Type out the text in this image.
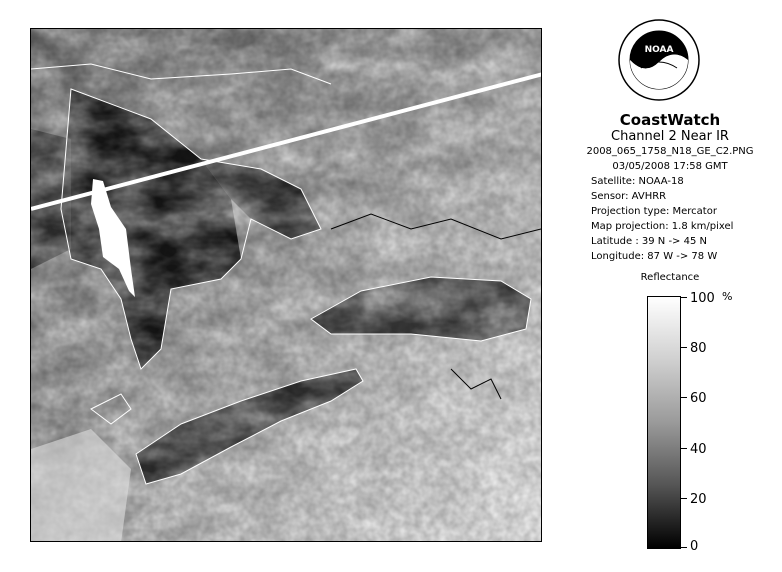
NOAA
CoastWatch
Channel 2 Near IR
2008_065_1758_N18_GE_C2.PNG
03/05/2008 17:58 GMT
Satellite: NOAA-18
Sensor: AVHRR
Projection type: Mercator
Map projection: 1.8 km/pixel
Latitude : 39 N -> 45 N
Longitude: 87 W -> 78 W
Reflectance
%
100
80
60
40
20
0
